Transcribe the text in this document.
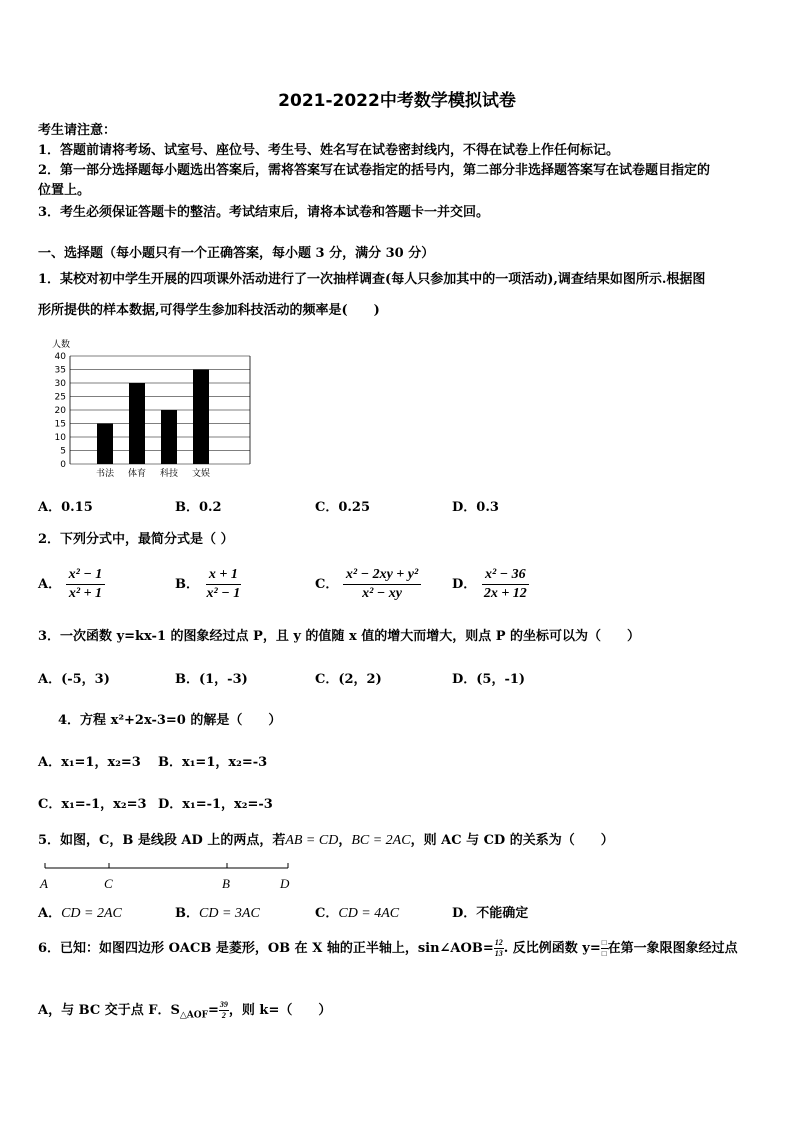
2021-2022中考数学模拟试卷
考生请注意：
1．答题前请将考场、试室号、座位号、考生号、姓名写在试卷密封线内，不得在试卷上作任何标记。
2．第一部分选择题每小题选出答案后，需将答案写在试卷指定的括号内，第二部分非选择题答案写在试卷题目指定的
位置上。
3．考生必须保证答题卡的整洁。考试结束后，请将本试卷和答题卡一并交回。
一、选择题（每小题只有一个正确答案，每小题 3 分，满分 30 分）
1．某校对初中学生开展的四项课外活动进行了一次抽样调查(每人只参加其中的一项活动),调查结果如图所示.根据图
形所提供的样本数据,可得学生参加科技活动的频率是(　　)
人数
0
5
10
15
20
25
30
35
40
书法 体育 科技 文娱
A．0.15	B．0.2	C．0.25	D．0.3
2．下列分式中，最简分式是（ ）
A． $\frac{\text{x² − 1}}{\text{x² + 1}}$	B． $\frac{x + 1}{\text{x² − 1}}$	C． $\frac{\text{x² − 2xy + y²}}{\text{x² − xy}}$ D． $\frac{\text{x² − 36}}{2x + 12}$
3．一次函数 y=kx-1 的图象经过点 P，且 y 的值随 x 值的增大而增大，则点 P 的坐标可以为（　　）
A．(-5，3)	B．(1，-3)	C．(2，2)	D．(5，-1)
4．方程 x²+2x-3=0 的解是（　　）
A．x₁=1，x₂=3 B．x₁=1，x₂=-3
C．x₁=-1，x₂=3 D．x₁=-1，x₂=-3
5．如图，C，B 是线段 AD 上的两点，若AB = CD，BC = 2AC，则 AC 与 CD 的关系为（　　）
A	C	B	D
A．CD = 2AC	B．CD = 3AC	C．CD = 4AC	D．不能确定
6．已知：如图四边形 OACB 是菱形，OB 在 X 轴的正半轴上，sin∠AOB= $\frac{12}{13}$ . 反比例函数 $y= \frac{□}{□}$ 在第一象限图象经过点
A，与 BC 交于点 F．$S_{\triangle AOF}= \frac{39}{2}$ ，则 k=（　　）
